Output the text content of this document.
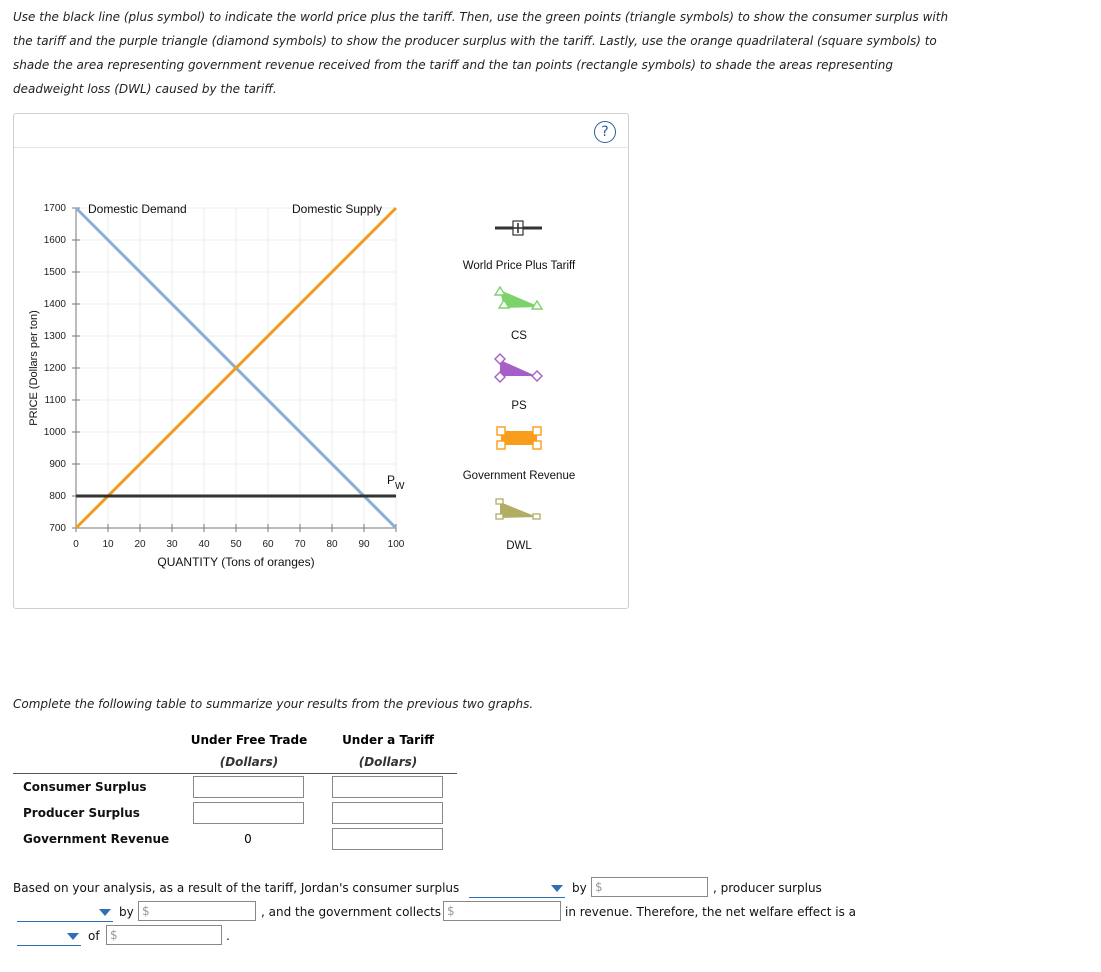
Use the black line (plus symbol) to indicate the world price plus the tariff. Then, use the green points (triangle symbols) to show the consumer surplus with the tariff and the purple triangle (diamond symbols) to show the producer surplus with the tariff. Lastly, use the orange quadrilateral (square symbols) to shade the area representing government revenue received from the tariff and the tan points (rectangle symbols) to shade the areas representing deadweight loss (DWL) caused by the tariff.
?
0 10 20 30 40 50 60 70 80 90 100
1700
1600
1500
1400
1300
1200
1100
1000
900
800
700
Domestic Demand	Domestic Supply
$P_W$
QUANTITY (Tons of oranges)
PRICE (Dollars per ton)
World Price Plus Tariff
CS
PS
Government Revenue
DWL
Complete the following table to summarize your results from the previous two graphs.
Under Free Trade
(Dollars)
Under a Tariff
(Dollars)
Consumer Surplus
Producer Surplus
Government Revenue	0
Based on your analysis, as a result of the tariff, Jordan's consumer surplus	by $	, producer surplus
by $	, and the government collects $	in revenue. Therefore, the net welfare effect is a
of $	.
